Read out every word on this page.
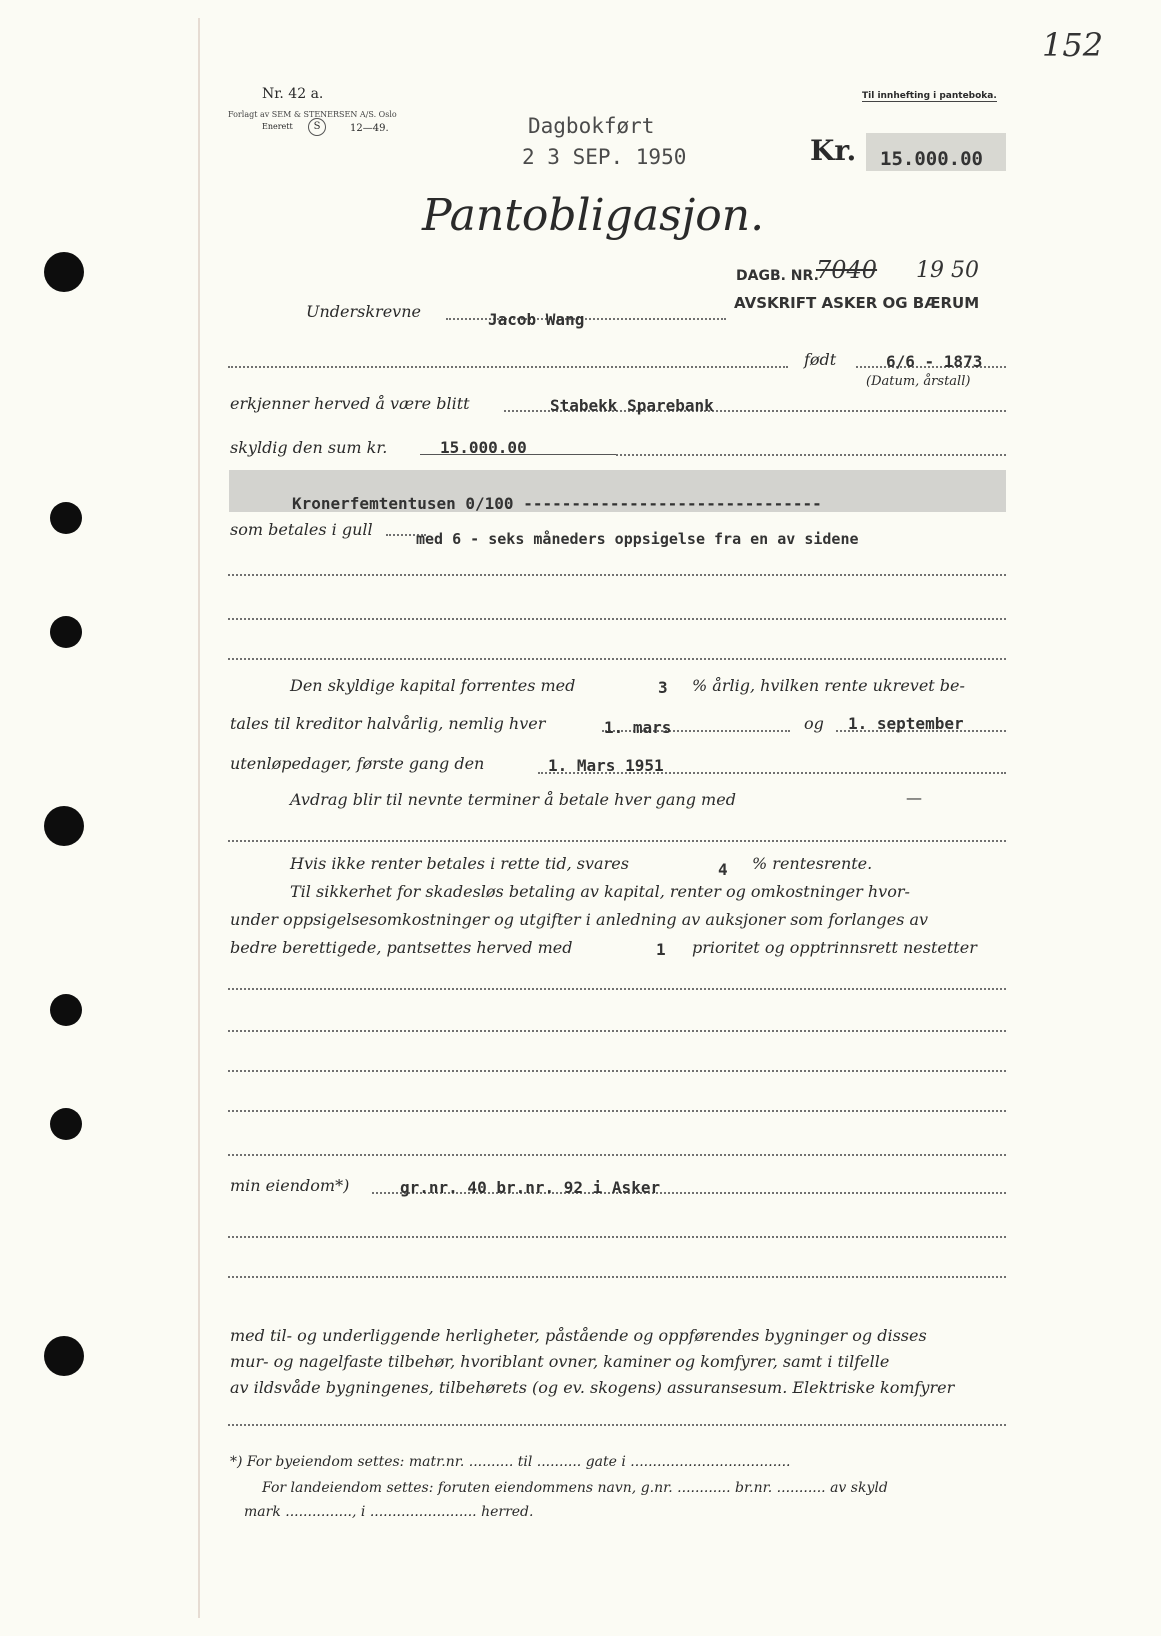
152
Nr. 42 a.
Forlagt av SEM & STENERSEN A/S. Oslo
Enerett	S	12—49.
Til innhefting i panteboka.
Dagbokført
2 3 SEP. 1950	Kr. 15.000.00
Pantobligasjon.
DAGB. NR.
7040 19 50
AVSKRIFT ASKER OG BÆRUM
Underskrevne	Jacob Wang
født	6/6 - 1873
(Datum, årstall)
erkjenner herved å være blitt	Stabekk Sparebank
skyldig den sum kr.	15.000.00
Kronerfemtentusen 0/100 -------------------------------
som betales i gull	med 6 - seks måneders oppsigelse fra en av sidene
Den skyldige kapital forrentes med	3 % årlig, hvilken rente ukrevet be-
tales til kreditor halvårlig, nemlig hver	1. mars	og 1. september
utenløpedager, første gang den	1. Mars 1951
Avdrag blir til nevnte terminer å betale hver gang med	—
Hvis ikke renter betales i rette tid, svares	4 % rentesrente.
Til sikkerhet for skadesløs betaling av kapital, renter og omkostninger hvor-
under oppsigelsesomkostninger og utgifter i anledning av auksjoner som forlanges av
bedre berettigede, pantsettes herved med	1 prioritet og opptrinnsrett nestetter
min eiendom*)	gr.nr. 40 br.nr. 92 i Asker
med til- og underliggende herligheter, påstående og oppførendes bygninger og disses
mur- og nagelfaste tilbehør, hvoriblant ovner, kaminer og komfyrer, samt i tilfelle
av ildsvåde bygningenes, tilbehørets (og ev. skogens) assuransesum. Elektriske komfyrer
*) For byeiendom settes: matr.nr. .......... til .......... gate i ....................................
For landeiendom settes: foruten eiendommens navn, g.nr. ............ br.nr. ........... av skyld
mark ..............., i ........................ herred.
